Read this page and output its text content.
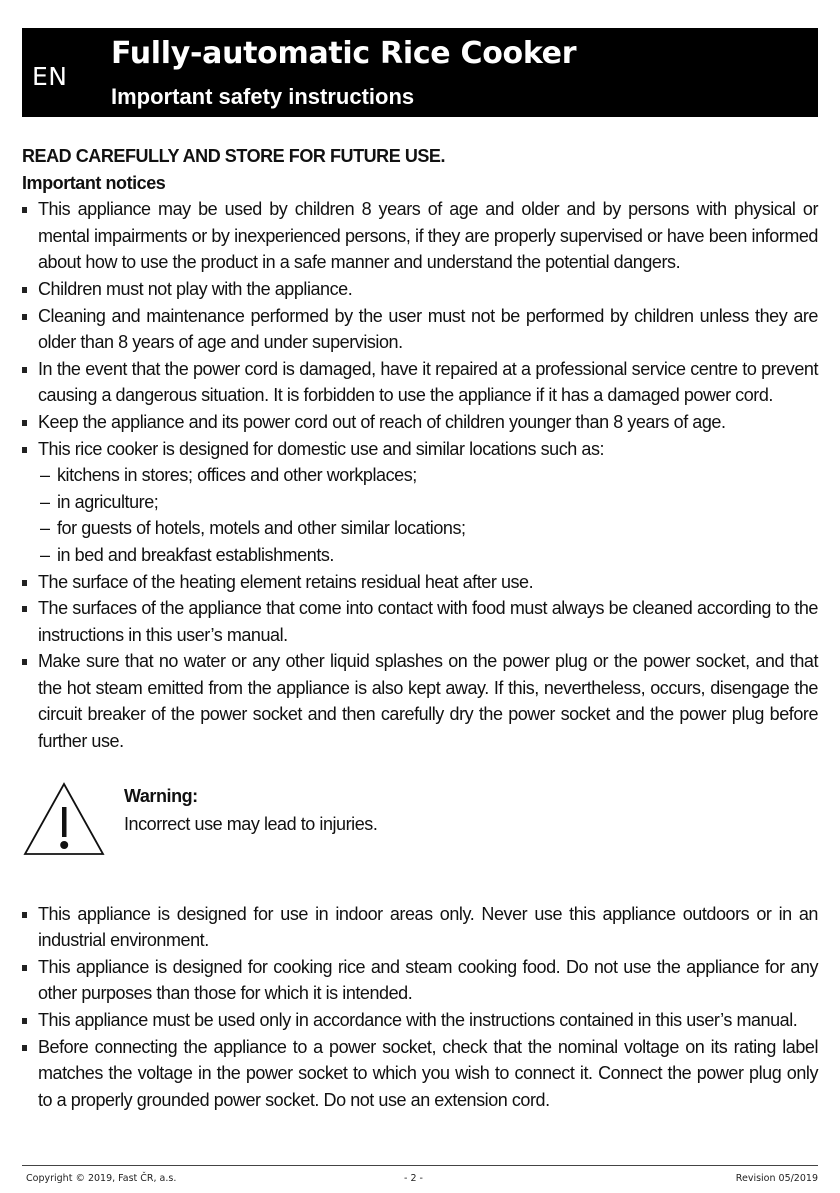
EN
Fully-automatic Rice Cooker
Important safety instructions

READ CAREFULLY AND STORE FOR FUTURE USE.

Important notices

This appliance may be used by children 8 years of age and older and by persons with physical or mental impairments or by inexperienced persons, if they are properly supervised or have been informed about how to use the product in a safe manner and understand the potential dangers.
Children must not play with the appliance.
Cleaning and maintenance performed by the user must not be performed by children unless they are older than 8 years of age and under supervision.
In the event that the power cord is damaged, have it repaired at a professional service centre to prevent causing a dangerous situation. It is forbidden to use the appliance if it has a damaged power cord.
Keep the appliance and its power cord out of reach of children younger than 8 years of age.
This rice cooker is designed for domestic use and similar locations such as:
– kitchens in stores; offices and other workplaces;
– in agriculture;
– for guests of hotels, motels and other similar locations;
– in bed and breakfast establishments.
The surface of the heating element retains residual heat after use.
The surfaces of the appliance that come into contact with food must always be cleaned according to the instructions in this user’s manual.
Make sure that no water or any other liquid splashes on the power plug or the power socket, and that the hot steam emitted from the appliance is also kept away. If this, nevertheless, occurs, disengage the circuit breaker of the power socket and then carefully dry the power socket and the power plug before further use.
Warning:
Incorrect use may lead to injuries.
This appliance is designed for use in indoor areas only. Never use this appliance outdoors or in an industrial environment.
This appliance is designed for cooking rice and steam cooking food. Do not use the appliance for any other purposes than those for which it is intended.
This appliance must be used only in accordance with the instructions contained in this user’s manual.
Before connecting the appliance to a power socket, check that the nominal voltage on its rating label matches the voltage in the power socket to which you wish to connect it. Connect the power plug only to a properly grounded power socket. Do not use an extension cord.
Copyright © 2019, Fast ČR, a.s.	- 2 -	Revision 05/2019
